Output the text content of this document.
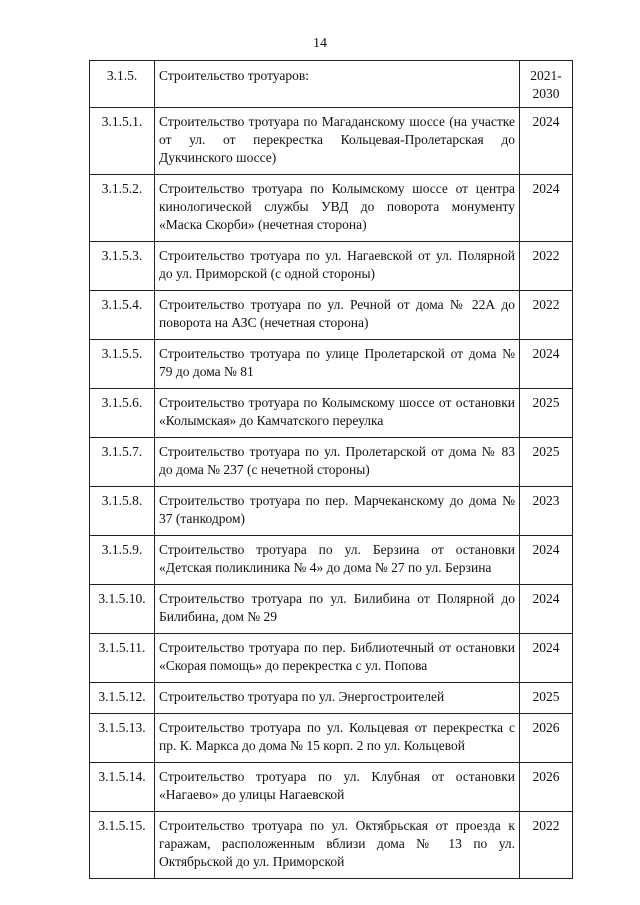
14
3.1.5.	Строительство тротуаров:	2021-2030
3.1.5.1.	Строительство тротуара по Магаданскому шоссе (на участке от ул. от перекрестка Кольцевая-Пролетарская до Дукчинского шоссе)	2024
3.1.5.2.	Строительство тротуара по Колымскому шоссе от центра кинологической службы УВД до поворота монументу «Маска Скорби» (нечетная сторона)	2024
3.1.5.3.	Строительство тротуара по ул. Нагаевской от ул. Полярной до ул. Приморской (с одной стороны)	2022
3.1.5.4.	Строительство тротуара по ул. Речной от дома № 22А до поворота на АЗС (нечетная сторона)	2022
3.1.5.5.	Строительство тротуара по улице Пролетарской от дома № 79 до дома № 81	2024
3.1.5.6.	Строительство тротуара по Колымскому шоссе от остановки «Колымская» до Камчатского переулка	2025
3.1.5.7.	Строительство тротуара по ул. Пролетарской от дома № 83 до дома № 237 (с нечетной стороны)	2025
3.1.5.8.	Строительство тротуара по пер. Марчеканскому до дома № 37 (танкодром)	2023
3.1.5.9.	Строительство тротуара по ул. Берзина от остановки «Детская поликлиника № 4» до дома № 27 по ул. Берзина	2024
3.1.5.10.	Строительство тротуара по ул. Билибина от Полярной до Билибина, дом № 29	2024
3.1.5.11.	Строительство тротуара по пер. Библиотечный от остановки «Скорая помощь» до перекрестка с ул. Попова	2024
3.1.5.12.	Строительство тротуара по ул. Энергостроителей	2025
3.1.5.13.	Строительство тротуара по ул. Кольцевая от перекрестка с пр. К. Маркса до дома № 15 корп. 2 по ул. Кольцевой	2026
3.1.5.14.	Строительство тротуара по ул. Клубная от остановки «Нагаево» до улицы Нагаевской	2026
3.1.5.15.	Строительство тротуара по ул. Октябрьская от проезда к гаражам, расположенным вблизи дома № 13 по ул. Октябрьской до ул. Приморской	2022
